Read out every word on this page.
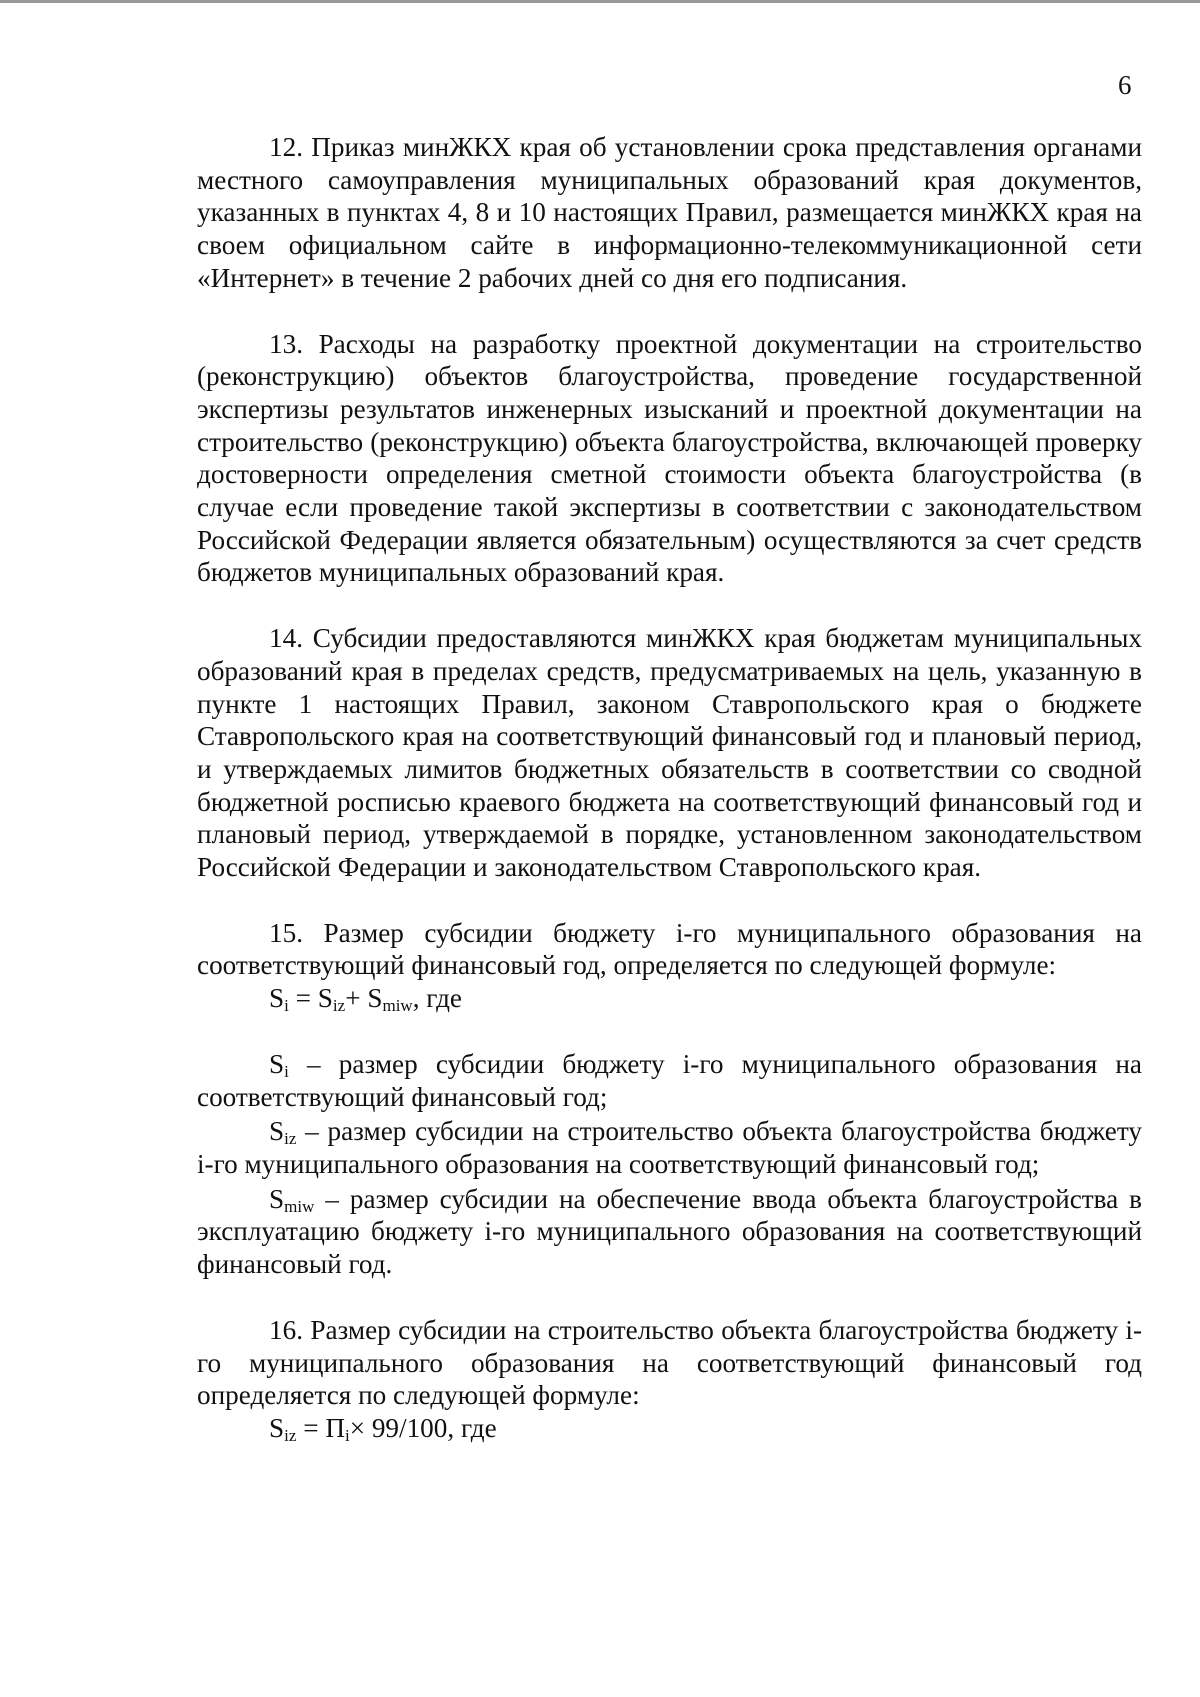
6

12. Приказ минЖКХ края об установлении срока представления органами местного самоуправления муниципальных образований края документов, указанных в пунктах 4, 8 и 10 настоящих Правил, размещается минЖКХ края на своем официальном сайте в информационно-телекоммуникационной сети «Интернет» в течение 2 рабочих дней со дня его подписания.

13. Расходы на разработку проектной документации на строительство (реконструкцию) объектов благоустройства, проведение государственной экспертизы результатов инженерных изысканий и проектной документации на строительство (реконструкцию) объекта благоустройства, включающей проверку достоверности определения сметной стоимости объекта благоустройства (в случае если проведение такой экспертизы в соответствии с законодательством Российской Федерации является обязательным) осуществляются за счет средств бюджетов муниципальных образований края.

14. Субсидии предоставляются минЖКХ края бюджетам муниципальных образований края в пределах средств, предусматриваемых на цель, указанную в пункте 1 настоящих Правил, законом Ставропольского края о бюджете Ставропольского края на соответствующий финансовый год и плановый период, и утверждаемых лимитов бюджетных обязательств в соответствии со сводной бюджетной росписью краевого бюджета на соответствующий финансовый год и плановый период, утверждаемой в порядке, установленном законодательством Российской Федерации и законодательством Ставропольского края.

15. Размер субсидии бюджету i-го муниципального образования на соответствующий финансовый год, определяется по следующей формуле:

$S_i = S_{iz}+ S_{miw}$, где

$S_i$ – размер субсидии бюджету i-го муниципального образования на соответствующий финансовый год;

$S_{iz}$ – размер субсидии на строительство объекта благоустройства бюджету i-го муниципального образования на соответствующий финансовый год;

$S_{miw}$ – размер субсидии на обеспечение ввода объекта благоустройства в эксплуатацию бюджету i-го муниципального образования на соответствующий финансовый год.

16. Размер субсидии на строительство объекта благоустройства бюджету i-го муниципального образования на соответствующий финансовый год определяется по следующей формуле:

$S_{iz} = П_i\times 99/100$, где
